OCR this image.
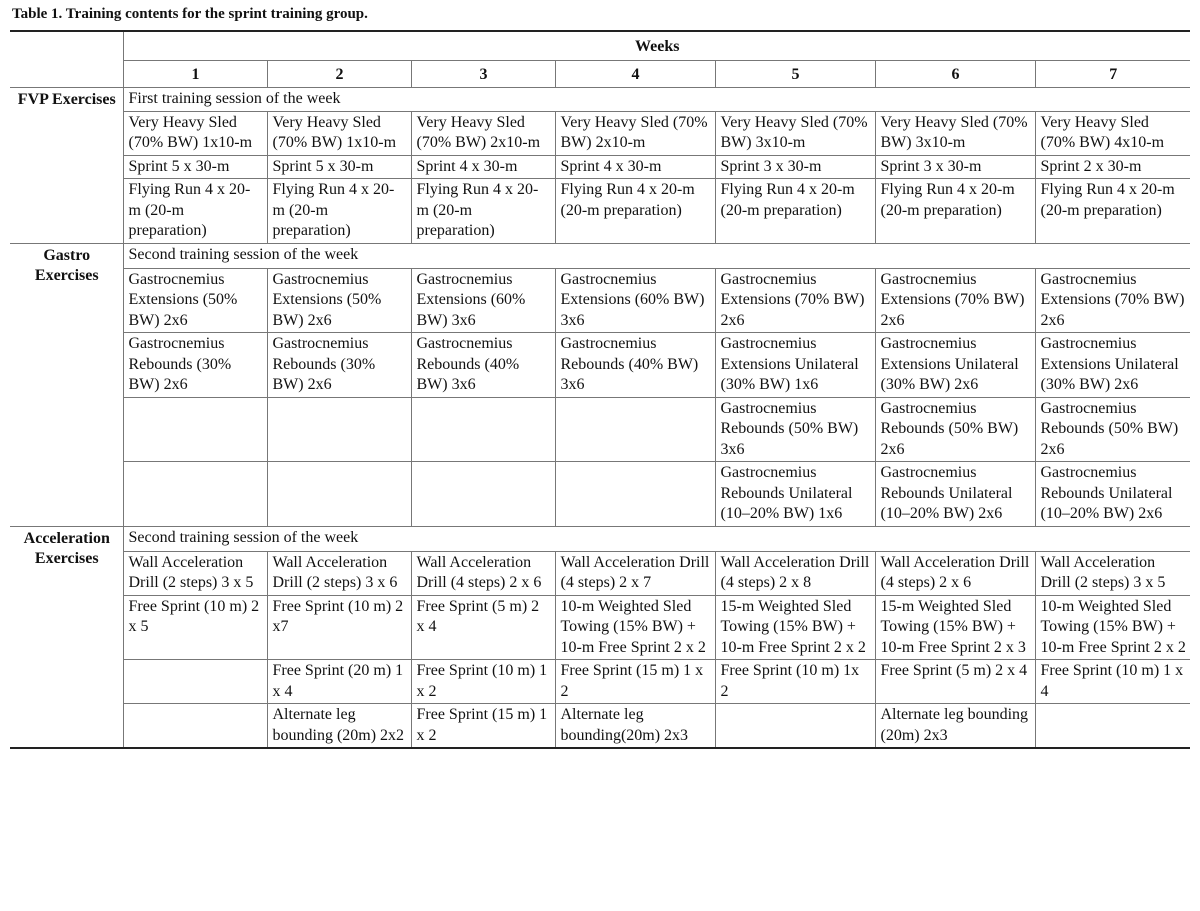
Table 1. Training contents for the sprint training group.
	Weeks						
	1	2	3	4	5	6	7
FVP Exercises	First training session of the week						
	Very Heavy Sled (70% BW) 1x10-m	Very Heavy Sled (70% BW) 1x10-m	Very Heavy Sled (70% BW) 2x10-m	Very Heavy Sled (70% BW) 2x10-m	Very Heavy Sled (70% BW) 3x10-m	Very Heavy Sled (70% BW) 3x10-m	Very Heavy Sled (70% BW) 4x10-m
	Sprint 5 x 30-m	Sprint 5 x 30-m	Sprint 4 x 30-m	Sprint 4 x 30-m	Sprint 3 x 30-m	Sprint 3 x 30-m	Sprint 2 x 30-m
	Flying Run 4 x 20-m (20-m preparation)	Flying Run 4 x 20-m (20-m preparation)	Flying Run 4 x 20-m (20-m preparation)	Flying Run 4 x 20-m (20-m preparation)	Flying Run 4 x 20-m (20-m preparation)	Flying Run 4 x 20-m (20-m preparation)	Flying Run 4 x 20-m (20-m preparation)
Gastro Exercises	Second training session of the week						
	Gastrocnemius Extensions (50% BW) 2x6	Gastrocnemius Extensions (50% BW) 2x6	Gastrocnemius Extensions (60% BW) 3x6	Gastrocnemius Extensions (60% BW) 3x6	Gastrocnemius Extensions (70% BW) 2x6	Gastrocnemius Extensions (70% BW) 2x6	Gastrocnemius Extensions (70% BW) 2x6
	Gastrocnemius Rebounds (30% BW) 2x6	Gastrocnemius Rebounds (30% BW) 2x6	Gastrocnemius Rebounds (40% BW) 3x6	Gastrocnemius Rebounds (40% BW) 3x6	Gastrocnemius Extensions Unilateral (30% BW) 1x6	Gastrocnemius Extensions Unilateral (30% BW) 2x6	Gastrocnemius Extensions Unilateral (30% BW) 2x6
					Gastrocnemius Rebounds (50% BW) 3x6	Gastrocnemius Rebounds (50% BW) 2x6	Gastrocnemius Rebounds (50% BW) 2x6
					Gastrocnemius Rebounds Unilateral (10–20% BW) 1x6	Gastrocnemius Rebounds Unilateral (10–20% BW) 2x6	Gastrocnemius Rebounds Unilateral (10–20% BW) 2x6
Acceleration Exercises	Second training session of the week						
	Wall Acceleration Drill (2 steps) 3 x 5	Wall Acceleration Drill (2 steps) 3 x 6	Wall Acceleration Drill (4 steps) 2 x 6	Wall Acceleration Drill (4 steps) 2 x 7	Wall Acceleration Drill (4 steps) 2 x 8	Wall Acceleration Drill (4 steps) 2 x 6	Wall Acceleration Drill (2 steps) 3 x 5
	Free Sprint (10 m) 2 x 5	Free Sprint (10 m) 2 x7	Free Sprint (5 m) 2 x 4	10-m Weighted Sled Towing (15% BW) + 10-m Free Sprint 2 x 2	15-m Weighted Sled Towing (15% BW) + 10-m Free Sprint 2 x 2	15-m Weighted Sled Towing (15% BW) + 10-m Free Sprint 2 x 3	10-m Weighted Sled Towing (15% BW) + 10-m Free Sprint 2 x 2
		Free Sprint (20 m) 1 x 4	Free Sprint (10 m) 1 x 2	Free Sprint (15 m) 1 x 2	Free Sprint (10 m) 1x 2	Free Sprint (5 m) 2 x 4	Free Sprint (10 m) 1 x 4
		Alternate leg bounding (20m) 2x2	Free Sprint (15 m) 1 x 2	Alternate leg bounding(20m) 2x3		Alternate leg bounding (20m) 2x3	
